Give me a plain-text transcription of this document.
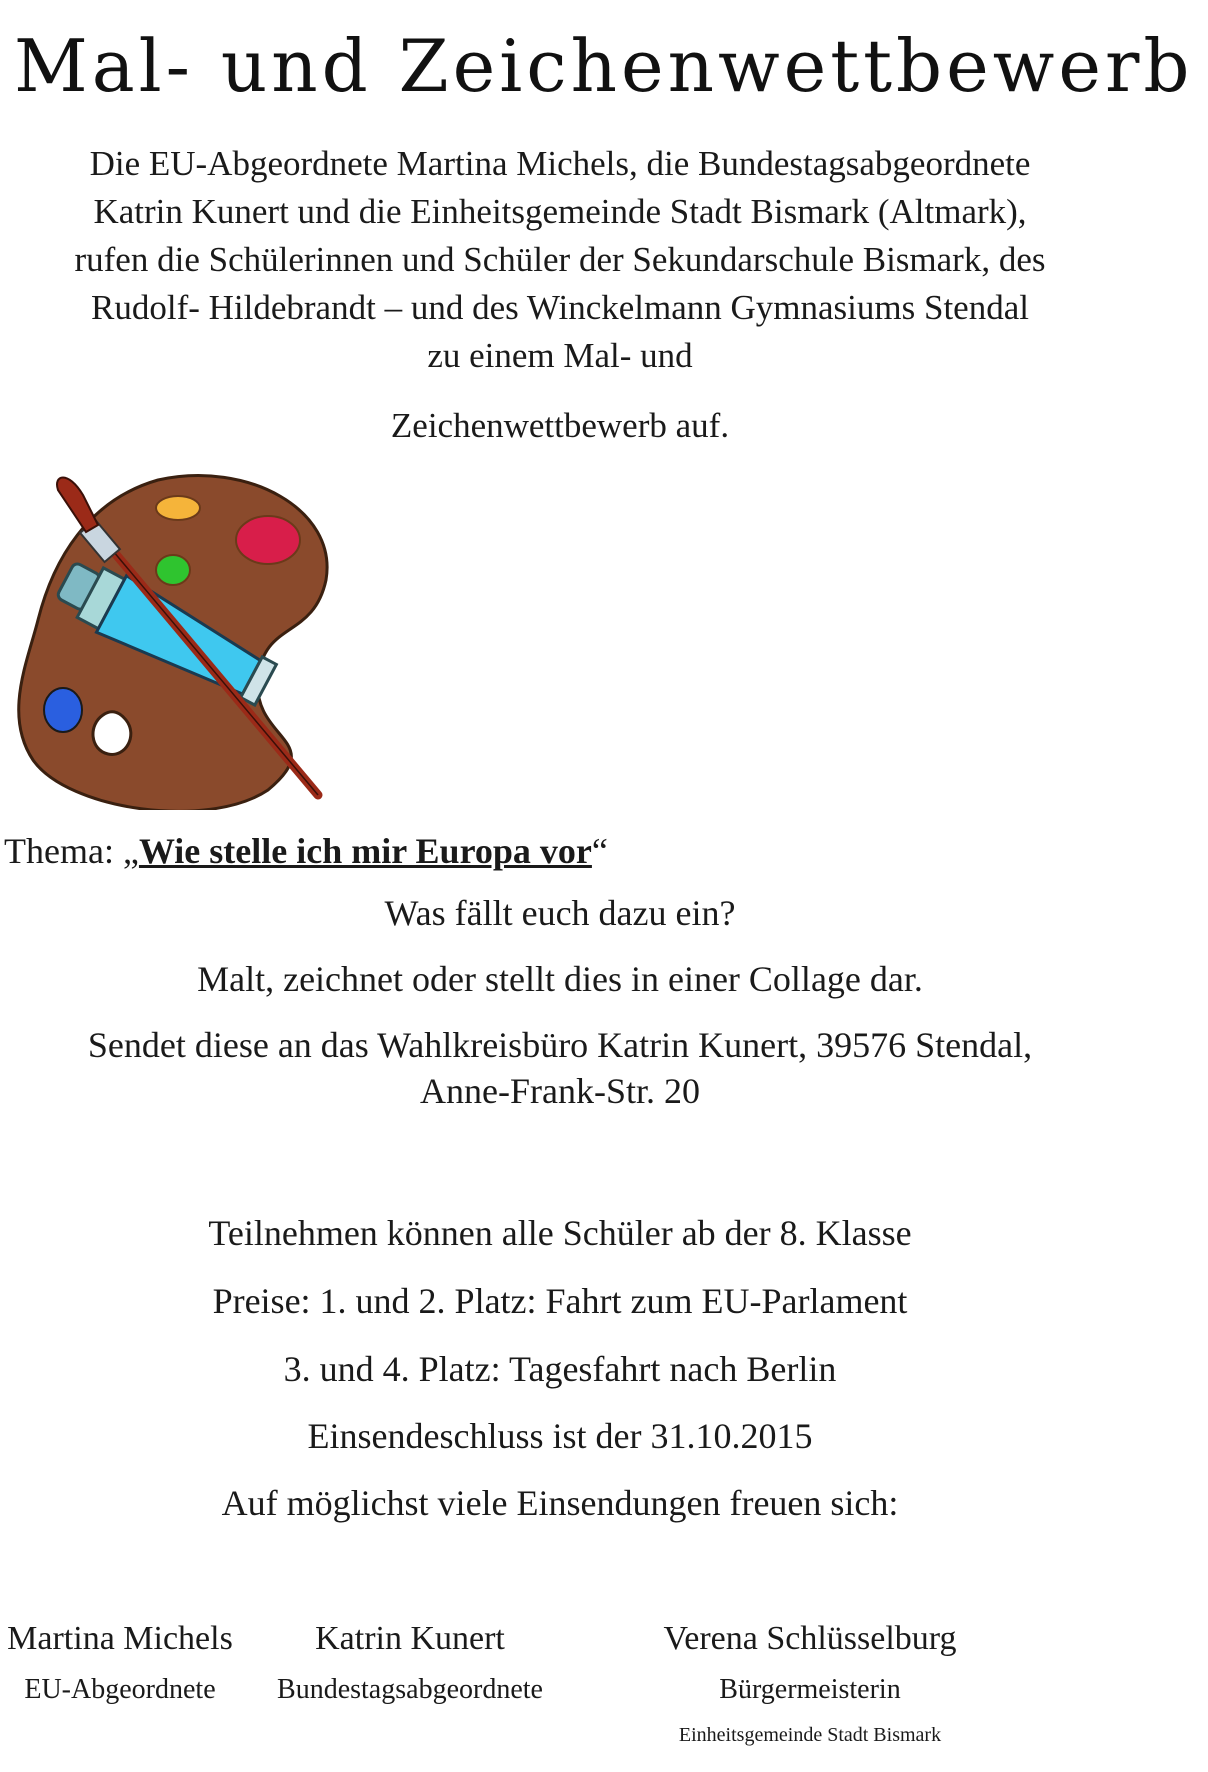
Mal- und Zeichenwettbewerb
Die EU-Abgeordnete Martina Michels, die Bundestagsabgeordnete
Katrin Kunert und die Einheitsgemeinde Stadt Bismark (Altmark),
rufen die Schülerinnen und Schüler der Sekundarschule Bismark, des
Rudolf- Hildebrandt – und des Winckelmann Gymnasiums Stendal
zu einem Mal- und
Zeichenwettbewerb auf.
Thema: „Wie stelle ich mir Europa vor“
Was fällt euch dazu ein?
Malt, zeichnet oder stellt dies in einer Collage dar.
Sendet diese an das Wahlkreisbüro Katrin Kunert, 39576 Stendal,
Anne-Frank-Str. 20
Teilnehmen können alle Schüler ab der 8. Klasse
Preise: 1. und 2. Platz: Fahrt zum EU-Parlament
3. und 4. Platz: Tagesfahrt nach Berlin
Einsendeschluss ist der 31.10.2015
Auf möglichst viele Einsendungen freuen sich:
Martina Michels
EU-Abgeordnete
Katrin Kunert
Bundestagsabgeordnete
Verena Schlüsselburg
Bürgermeisterin
Einheitsgemeinde Stadt Bismark
